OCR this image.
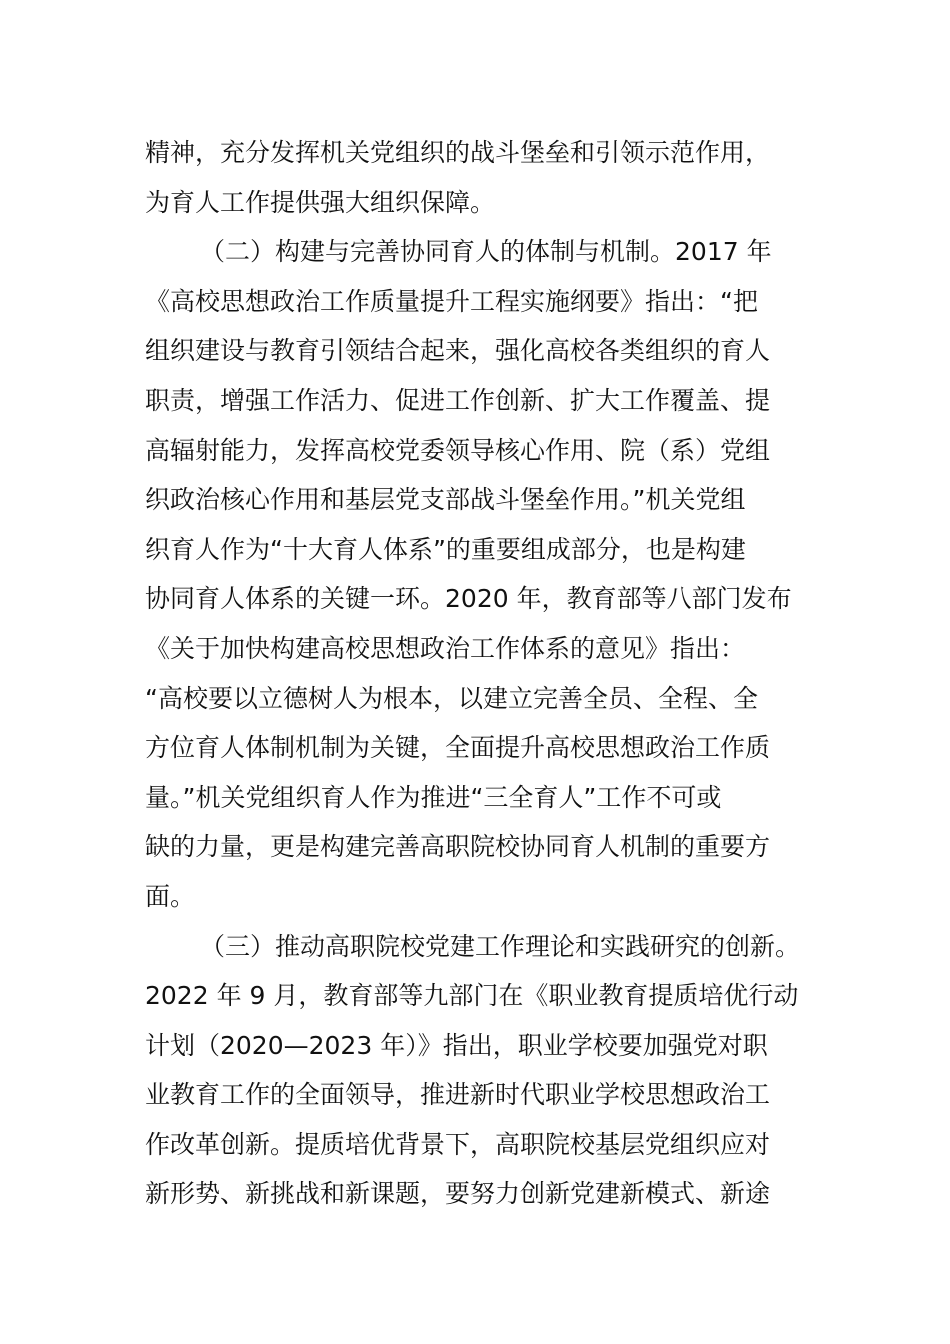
精神，充分发挥机关党组织的战斗堡垒和引领示范作用，
为育人工作提供强大组织保障。
（二）构建与完善协同育人的体制与机制。2017 年
《高校思想政治工作质量提升工程实施纲要》指出：“把
组织建设与教育引领结合起来，强化高校各类组织的育人
职责，增强工作活力、促进工作创新、扩大工作覆盖、提
高辐射能力，发挥高校党委领导核心作用、院（系）党组
织政治核心作用和基层党支部战斗堡垒作用。”机关党组
织育人作为“十大育人体系”的重要组成部分，也是构建
协同育人体系的关键一环。2020 年，教育部等八部门发布
《关于加快构建高校思想政治工作体系的意见》指出：
“高校要以立德树人为根本，以建立完善全员、全程、全
方位育人体制机制为关键，全面提升高校思想政治工作质
量。”机关党组织育人作为推进“三全育人”工作不可或
缺的力量，更是构建完善高职院校协同育人机制的重要方
面。
（三）推动高职院校党建工作理论和实践研究的创新。
2022 年 9 月，教育部等九部门在《职业教育提质培优行动
计划（2020—2023 年）》指出，职业学校要加强党对职
业教育工作的全面领导，推进新时代职业学校思想政治工
作改革创新。提质培优背景下，高职院校基层党组织应对
新形势、新挑战和新课题，要努力创新党建新模式、新途
